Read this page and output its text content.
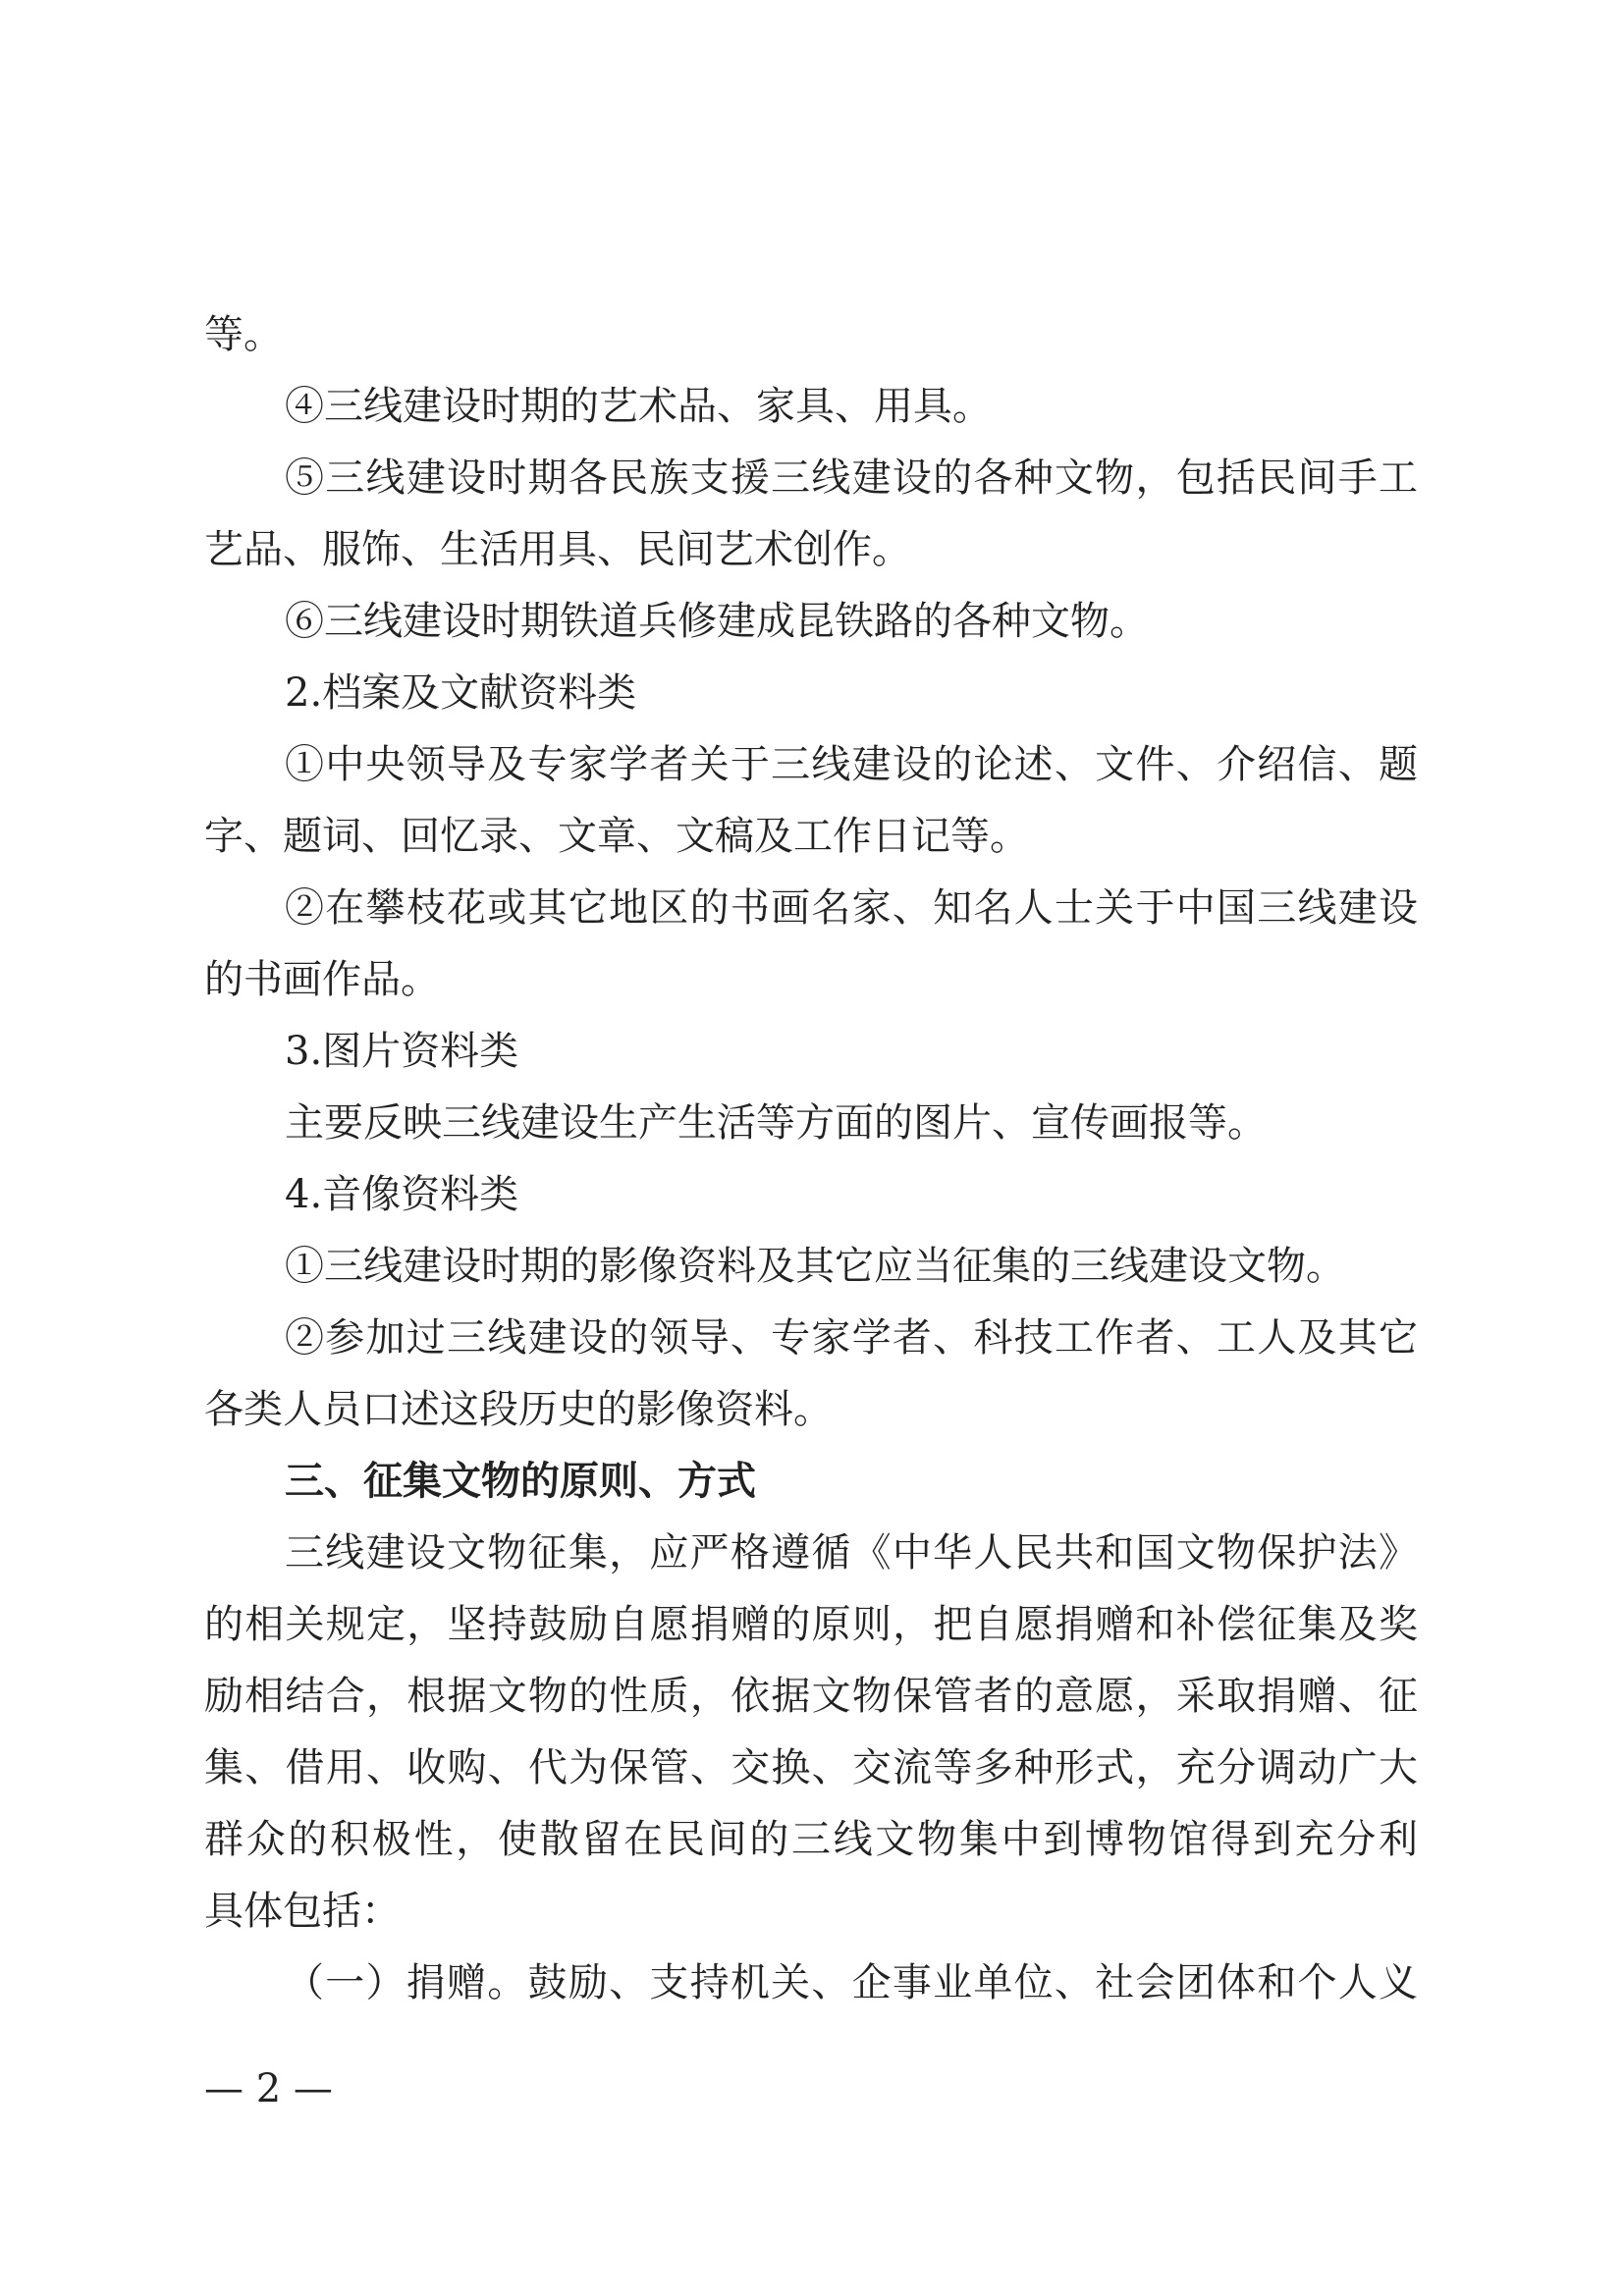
等。
④三线建设时期的艺术品、家具、用具。
⑤三线建设时期各民族支援三线建设的各种文物，包括民间手工
艺品、服饰、生活用具、民间艺术创作。
⑥三线建设时期铁道兵修建成昆铁路的各种文物。
2.档案及文献资料类
①中央领导及专家学者关于三线建设的论述、文件、介绍信、题
字、题词、回忆录、文章、文稿及工作日记等。
②在攀枝花或其它地区的书画名家、知名人士关于中国三线建设
的书画作品。
3.图片资料类
主要反映三线建设生产生活等方面的图片、宣传画报等。
4.音像资料类
①三线建设时期的影像资料及其它应当征集的三线建设文物。
②参加过三线建设的领导、专家学者、科技工作者、工人及其它
各类人员口述这段历史的影像资料。
三、征集文物的原则、方式
三线建设文物征集，应严格遵循《中华人民共和国文物保护法》
的相关规定，坚持鼓励自愿捐赠的原则，把自愿捐赠和补偿征集及奖
励相结合，根据文物的性质，依据文物保管者的意愿，采取捐赠、征
集、借用、收购、代为保管、交换、交流等多种形式，充分调动广大
群众的积极性，使散留在民间的三线文物集中到博物馆得到充分利
具体包括：
（一）捐赠。鼓励、支持机关、企事业单位、社会团体和个人义
— 2 —
